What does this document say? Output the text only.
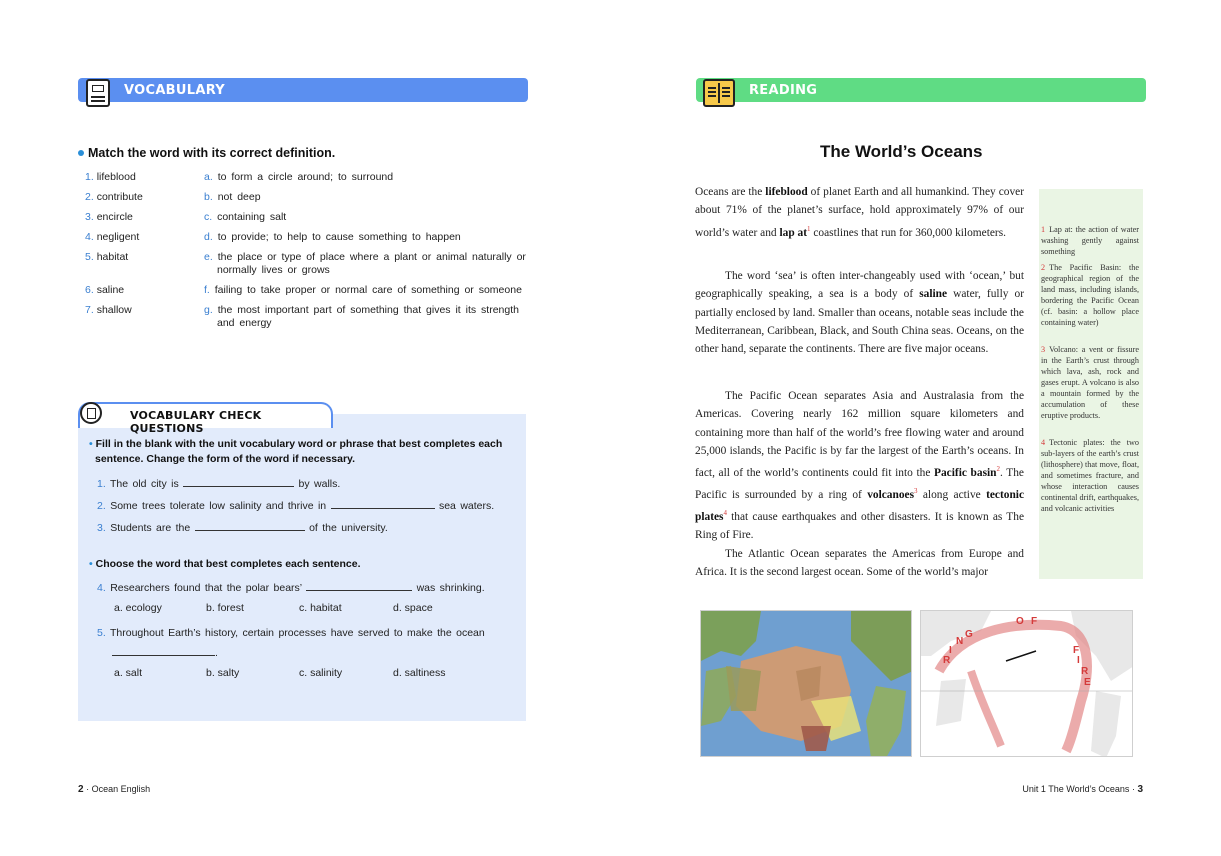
VOCABULARY
Match the word with its correct definition.
1. lifeblood	a. to form a circle around; to surround
2. contribute	b. not deep
3. encircle	c. containing salt
4. negligent	d. to provide; to help to cause something to happen
5. habitat	e. the place or type of place where a plant or animal naturally or
normally lives or grows
6. saline	f. failing to take proper or normal care of something or someone
7. shallow	g. the most important part of something that gives it its strength
and energy
VOCABULARY CHECK QUESTIONS
• Fill in the blank with the unit vocabulary word or phrase that best completes each
sentence. Change the form of the word if necessary.
1. The old city is	by walls.
2. Some trees tolerate low salinity and thrive in	sea waters.
3. Students are the	of the university.
• Choose the word that best completes each sentence.
4. Researchers found that the polar bears’	was shrinking.
a. ecology	b. forest	c. habitat	d. space
5. Throughout Earth’s history, certain processes have served to make the ocean
.
a. salt	b. salty	c. salinity	d. saltiness
READING
The World’s Oceans
Oceans are the lifeblood of planet Earth and all humankind. They cover about 71% of the planet’s surface, hold approximately 97% of our world’s water and lap $at^1$ coastlines that run for 360,000 kilometers.
The word ‘sea’ is often inter-changeably used with ‘ocean,’ but geographically speaking, a sea is a body of saline water, fully or partially enclosed by land. Smaller than oceans, notable seas include the Mediterranean, Caribbean, Black, and South China seas. Oceans, on the other hand, separate the continents. There are five major oceans.
The Pacific Ocean separates Asia and Australasia from the Americas. Covering nearly 162 million square kilometers and containing more than half of the world’s free flowing water and around 25,000 islands, the Pacific is by far the largest of the Earth’s oceans. In fact, all of the world’s continents could fit into the Pacific basin$^2$. The Pacific is surrounded by a ring of volcanoes$^3$ along active tectonic plates$^4$ that cause earthquakes and other disasters. It is known as The Ring of Fire.
The Atlantic Ocean separates the Americas from Europe and Africa. It is the second largest ocean. Some of the world’s major
1 Lap at: the action of water washing gently against something
2 The Pacific Basin: the geographical region of the land mass, including islands, bordering the Pacific Ocean (cf. basin: a hollow place containing water)
3 Volcano: a vent or fissure in the Earth’s crust through which lava, ash, rock and gases erupt. A volcano is also a mountain formed by the accumulation of these eruptive products.
4 Tectonic plates: the two sub-layers of the earth’s crust (lithosphere) that move, float, and sometimes fracture, and whose interaction causes continental drift, earthquakes, and volcanic activities
R
I
N
G
O F
F
I
R
E
2 · Ocean English	Unit 1 The World’s Oceans · 3
